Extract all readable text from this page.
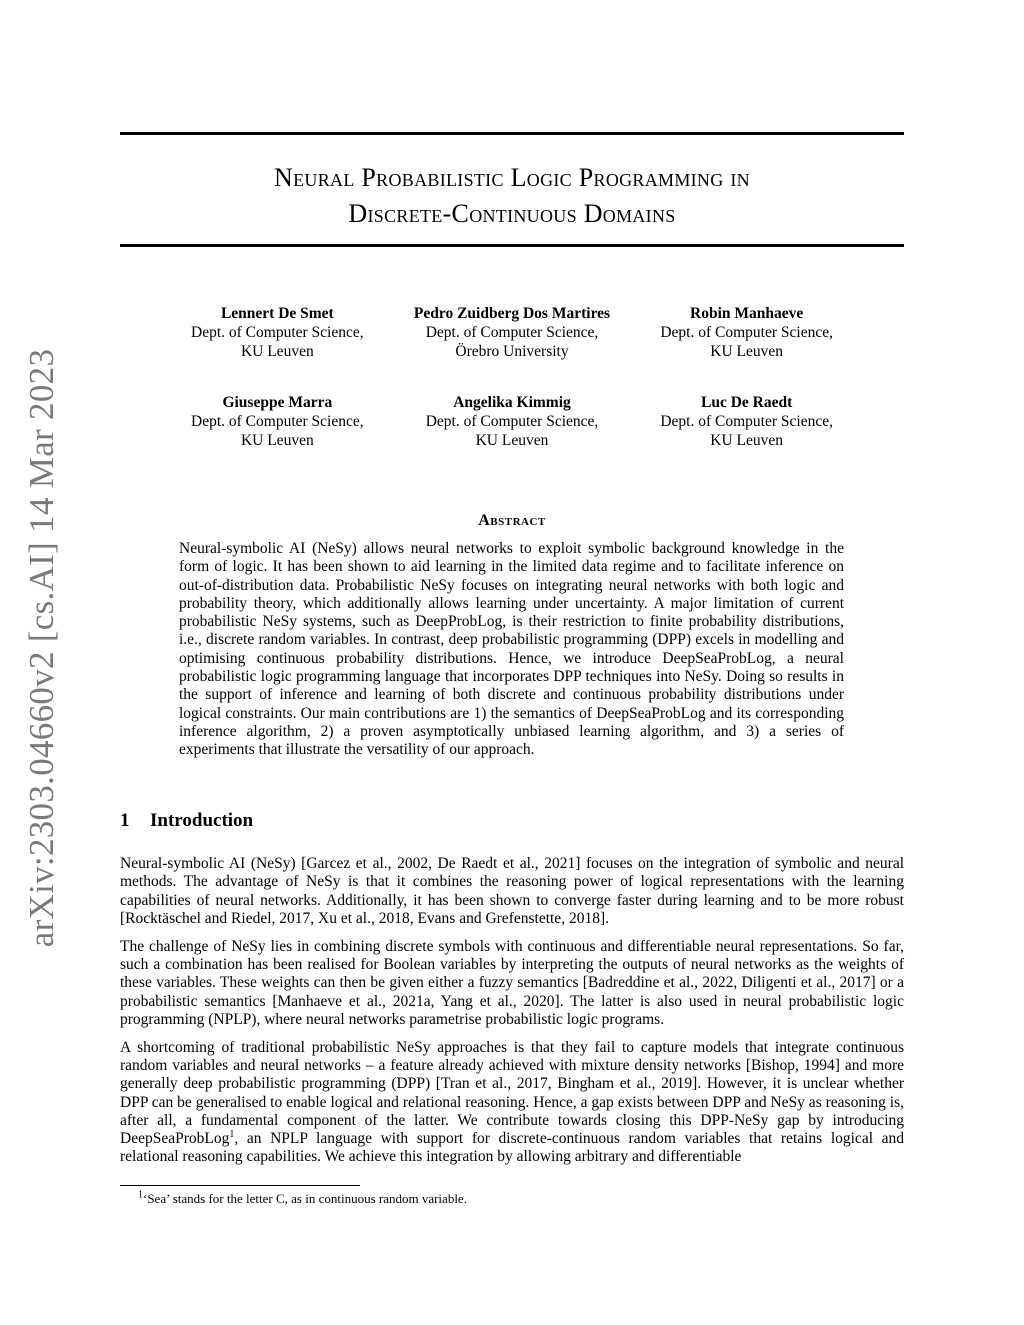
arXiv:2303.04660v2 [cs.AI] 14 Mar 2023
Neural Probabilistic Logic Programming in
Discrete-Continuous Domains
Lennert De Smet
Dept. of Computer Science,
KU Leuven
Pedro Zuidberg Dos Martires
Dept. of Computer Science,
Örebro University
Robin Manhaeve
Dept. of Computer Science,
KU Leuven
Giuseppe Marra
Dept. of Computer Science,
KU Leuven
Angelika Kimmig
Dept. of Computer Science,
KU Leuven
Luc De Raedt
Dept. of Computer Science,
KU Leuven
Abstract

Neural-symbolic AI (NeSy) allows neural networks to exploit symbolic background knowledge in the form of logic. It has been shown to aid learning in the limited data regime and to facilitate inference on out-of-distribution data. Probabilistic NeSy focuses on integrating neural networks with both logic and probability theory, which additionally allows learning under uncertainty. A major limitation of current probabilistic NeSy systems, such as DeepProbLog, is their restriction to finite probability distributions, i.e., discrete random variables. In contrast, deep probabilistic programming (DPP) excels in modelling and optimising continuous probability distributions. Hence, we introduce DeepSeaProbLog, a neural probabilistic logic programming language that incorporates DPP techniques into NeSy. Doing so results in the support of inference and learning of both discrete and continuous probability distributions under logical constraints. Our main contributions are 1) the semantics of DeepSeaProbLog and its corresponding inference algorithm, 2) a proven asymptotically unbiased learning algorithm, and 3) a series of experiments that illustrate the versatility of our approach.

1 Introduction

Neural-symbolic AI (NeSy) [Garcez et al., 2002, De Raedt et al., 2021] focuses on the integration of symbolic and neural methods. The advantage of NeSy is that it combines the reasoning power of logical representations with the learning capabilities of neural networks. Additionally, it has been shown to converge faster during learning and to be more robust [Rocktäschel and Riedel, 2017, Xu et al., 2018, Evans and Grefenstette, 2018].

The challenge of NeSy lies in combining discrete symbols with continuous and differentiable neural representations. So far, such a combination has been realised for Boolean variables by interpreting the outputs of neural networks as the weights of these variables. These weights can then be given either a fuzzy semantics [Badreddine et al., 2022, Diligenti et al., 2017] or a probabilistic semantics [Manhaeve et al., 2021a, Yang et al., 2020]. The latter is also used in neural probabilistic logic programming (NPLP), where neural networks parametrise probabilistic logic programs.

A shortcoming of traditional probabilistic NeSy approaches is that they fail to capture models that integrate continuous random variables and neural networks – a feature already achieved with mixture density networks [Bishop, 1994] and more generally deep probabilistic programming (DPP) [Tran et al., 2017, Bingham et al., 2019]. However, it is unclear whether DPP can be generalised to enable logical and relational reasoning. Hence, a gap exists between DPP and NeSy as reasoning is, after all, a fundamental component of the latter. We contribute towards closing this DPP-NeSy gap by introducing DeepSeaProbLog$^1$, an NPLP language with support for discrete-continuous random variables that retains logical and relational reasoning capabilities. We achieve this integration by allowing arbitrary and differentiable

$^1$‘Sea’ stands for the letter C, as in continuous random variable.
